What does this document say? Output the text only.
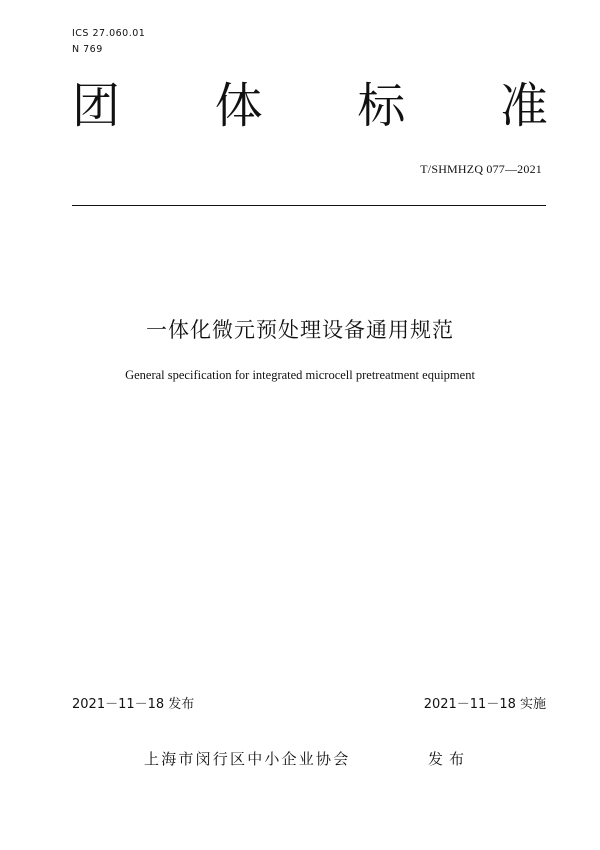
ICS 27.060.01
N 769
团 体 标 准
T/SHMHZQ 077—2021
一体化微元预处理设备通用规范
General specification for integrated microcell pretreatment equipment
2021－11－18 发布	2021－11－18 实施
上海市闵行区中小企业协会	发布
